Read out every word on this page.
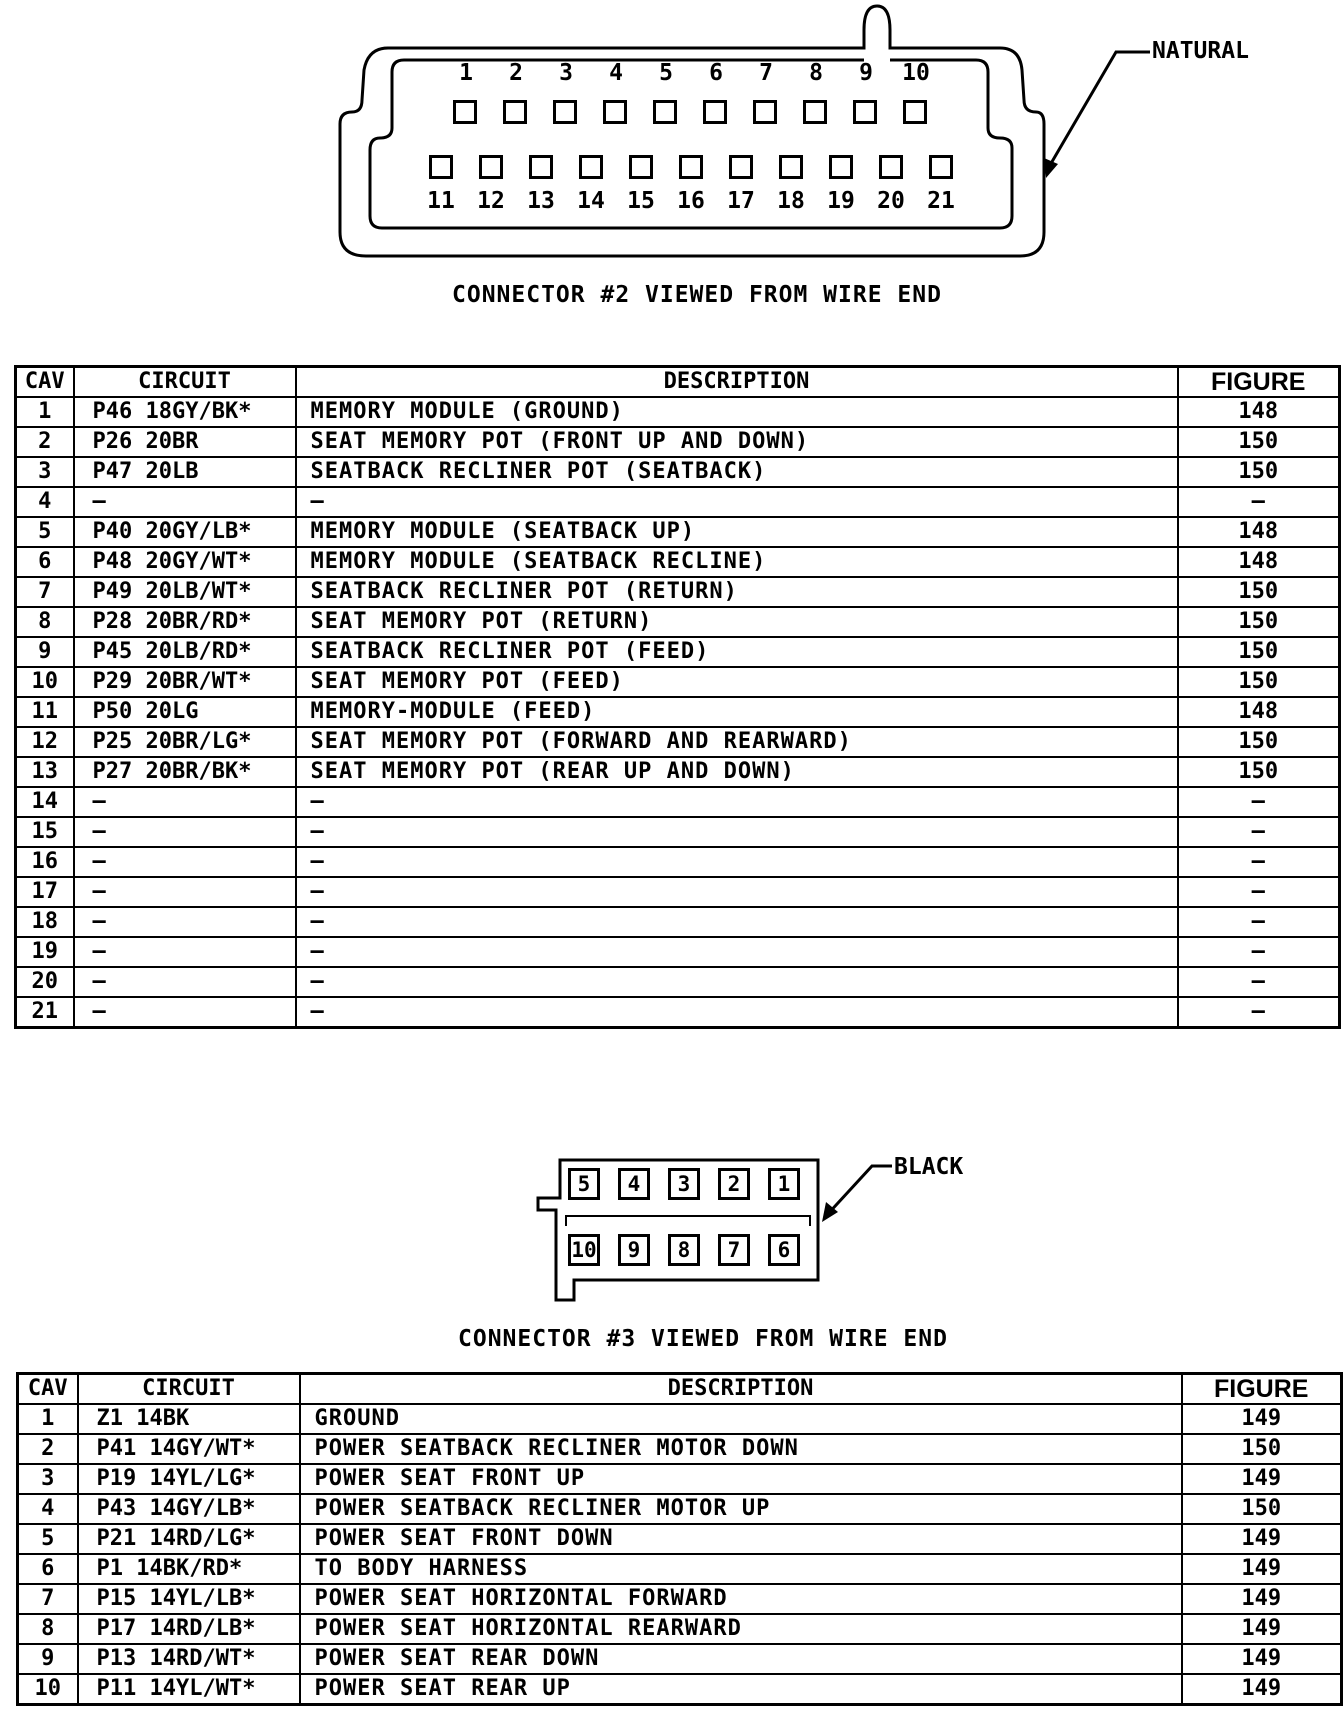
1	2	3	4	5	6	7	8	9	10
11 12 13 14 15 16 17 18 19 20 21
NATURAL
CONNECTOR #2 VIEWED FROM WIRE END
CAV	CIRCUIT	DESCRIPTION	FIGURE
1	P46 18GY/BK*	MEMORY MODULE (GROUND)	148
2	P26 20BR	SEAT MEMORY POT (FRONT UP AND DOWN)	150
3	P47 20LB	SEATBACK RECLINER POT (SEATBACK)	150
4	—	—	—
5	P40 20GY/LB*	MEMORY MODULE (SEATBACK UP)	148
6	P48 20GY/WT*	MEMORY MODULE (SEATBACK RECLINE)	148
7	P49 20LB/WT*	SEATBACK RECLINER POT (RETURN)	150
8	P28 20BR/RD*	SEAT MEMORY POT (RETURN)	150
9	P45 20LB/RD*	SEATBACK RECLINER POT (FEED)	150
10	P29 20BR/WT*	SEAT MEMORY POT (FEED)	150
11	P50 20LG	MEMORY-MODULE (FEED)	148
12	P25 20BR/LG*	SEAT MEMORY POT (FORWARD AND REARWARD)	150
13	P27 20BR/BK*	SEAT MEMORY POT (REAR UP AND DOWN)	150
14	—	—	—
15	—	—	—
16	—	—	—
17	—	—	—
18	—	—	—
19	—	—	—
20	—	—	—
21	—	—	—
5	4	3	2	1
10	9	8	7	6
BLACK
CONNECTOR #3 VIEWED FROM WIRE END
CAV	CIRCUIT	DESCRIPTION	FIGURE
1	Z1 14BK	GROUND	149
2	P41 14GY/WT*	POWER SEATBACK RECLINER MOTOR DOWN	150
3	P19 14YL/LG*	POWER SEAT FRONT UP	149
4	P43 14GY/LB*	POWER SEATBACK RECLINER MOTOR UP	150
5	P21 14RD/LG*	POWER SEAT FRONT DOWN	149
6	P1 14BK/RD*	TO BODY HARNESS	149
7	P15 14YL/LB*	POWER SEAT HORIZONTAL FORWARD	149
8	P17 14RD/LB*	POWER SEAT HORIZONTAL REARWARD	149
9	P13 14RD/WT*	POWER SEAT REAR DOWN	149
10	P11 14YL/WT*	POWER SEAT REAR UP	149
